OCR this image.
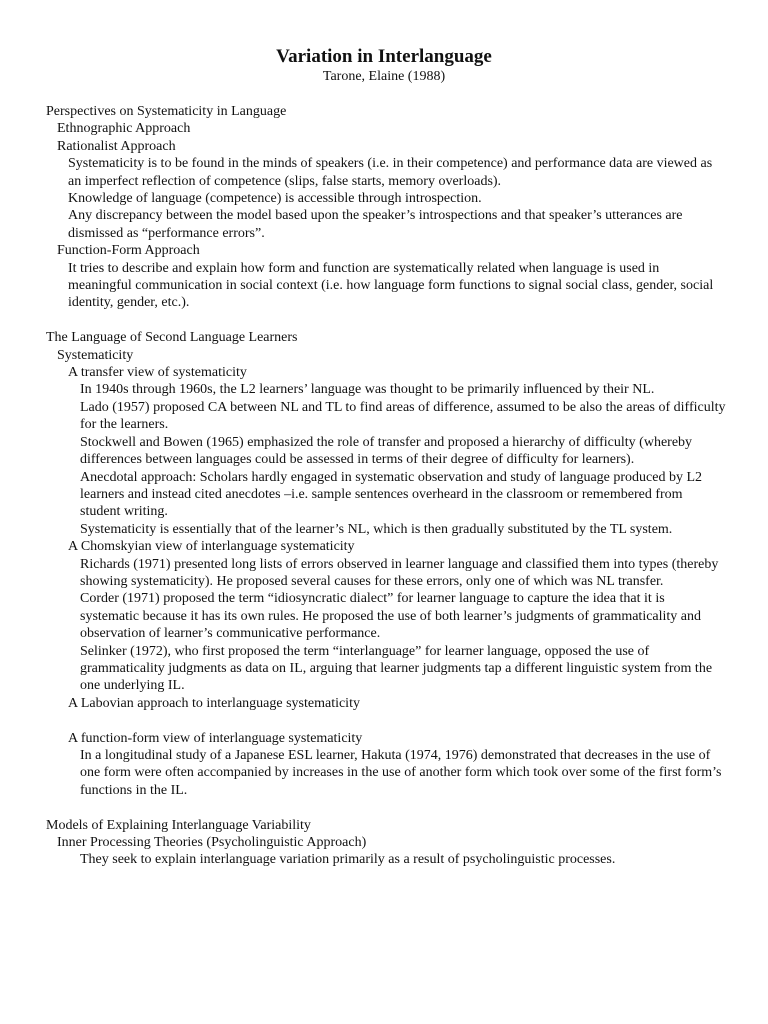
Variation in Interlanguage
Tarone, Elaine (1988)

Perspectives on Systematicity in Language

Ethnographic Approach

Rationalist Approach

Systematicity is to be found in the minds of speakers (i.e. in their competence) and performance data are viewed as an imperfect reflection of competence (slips, false starts, memory overloads).

Knowledge of language (competence) is accessible through introspection.

Any discrepancy between the model based upon the speaker’s introspections and that speaker’s utterances are dismissed as “performance errors”.

Function-Form Approach

It tries to describe and explain how form and function are systematically related when language is used in meaningful communication in social context (i.e. how language form functions to signal social class, gender, social identity, gender, etc.).

The Language of Second Language Learners

Systematicity

A transfer view of systematicity

In 1940s through 1960s, the L2 learners’ language was thought to be primarily influenced by their NL.

Lado (1957) proposed CA between NL and TL to find areas of difference, assumed to be also the areas of difficulty for the learners.

Stockwell and Bowen (1965) emphasized the role of transfer and proposed a hierarchy of difficulty (whereby differences between languages could be assessed in terms of their degree of difficulty for learners).

Anecdotal approach: Scholars hardly engaged in systematic observation and study of language produced by L2 learners and instead cited anecdotes –i.e. sample sentences overheard in the classroom or remembered from student writing.

Systematicity is essentially that of the learner’s NL, which is then gradually substituted by the TL system.

A Chomskyian view of interlanguage systematicity

Richards (1971) presented long lists of errors observed in learner language and classified them into types (thereby showing systematicity). He proposed several causes for these errors, only one of which was NL transfer.

Corder (1971) proposed the term “idiosyncratic dialect” for learner language to capture the idea that it is systematic because it has its own rules. He proposed the use of both learner’s judgments of grammaticality and observation of learner’s communicative performance.

Selinker (1972), who first proposed the term “interlanguage” for learner language, opposed the use of grammaticality judgments as data on IL, arguing that learner judgments tap a different linguistic system from the one underlying IL.

A Labovian approach to interlanguage systematicity

A function-form view of interlanguage systematicity

In a longitudinal study of a Japanese ESL learner, Hakuta (1974, 1976) demonstrated that decreases in the use of one form were often accompanied by increases in the use of another form which took over some of the first form’s functions in the IL.

Models of Explaining Interlanguage Variability

Inner Processing Theories (Psycholinguistic Approach)

They seek to explain interlanguage variation primarily as a result of psycholinguistic processes.
